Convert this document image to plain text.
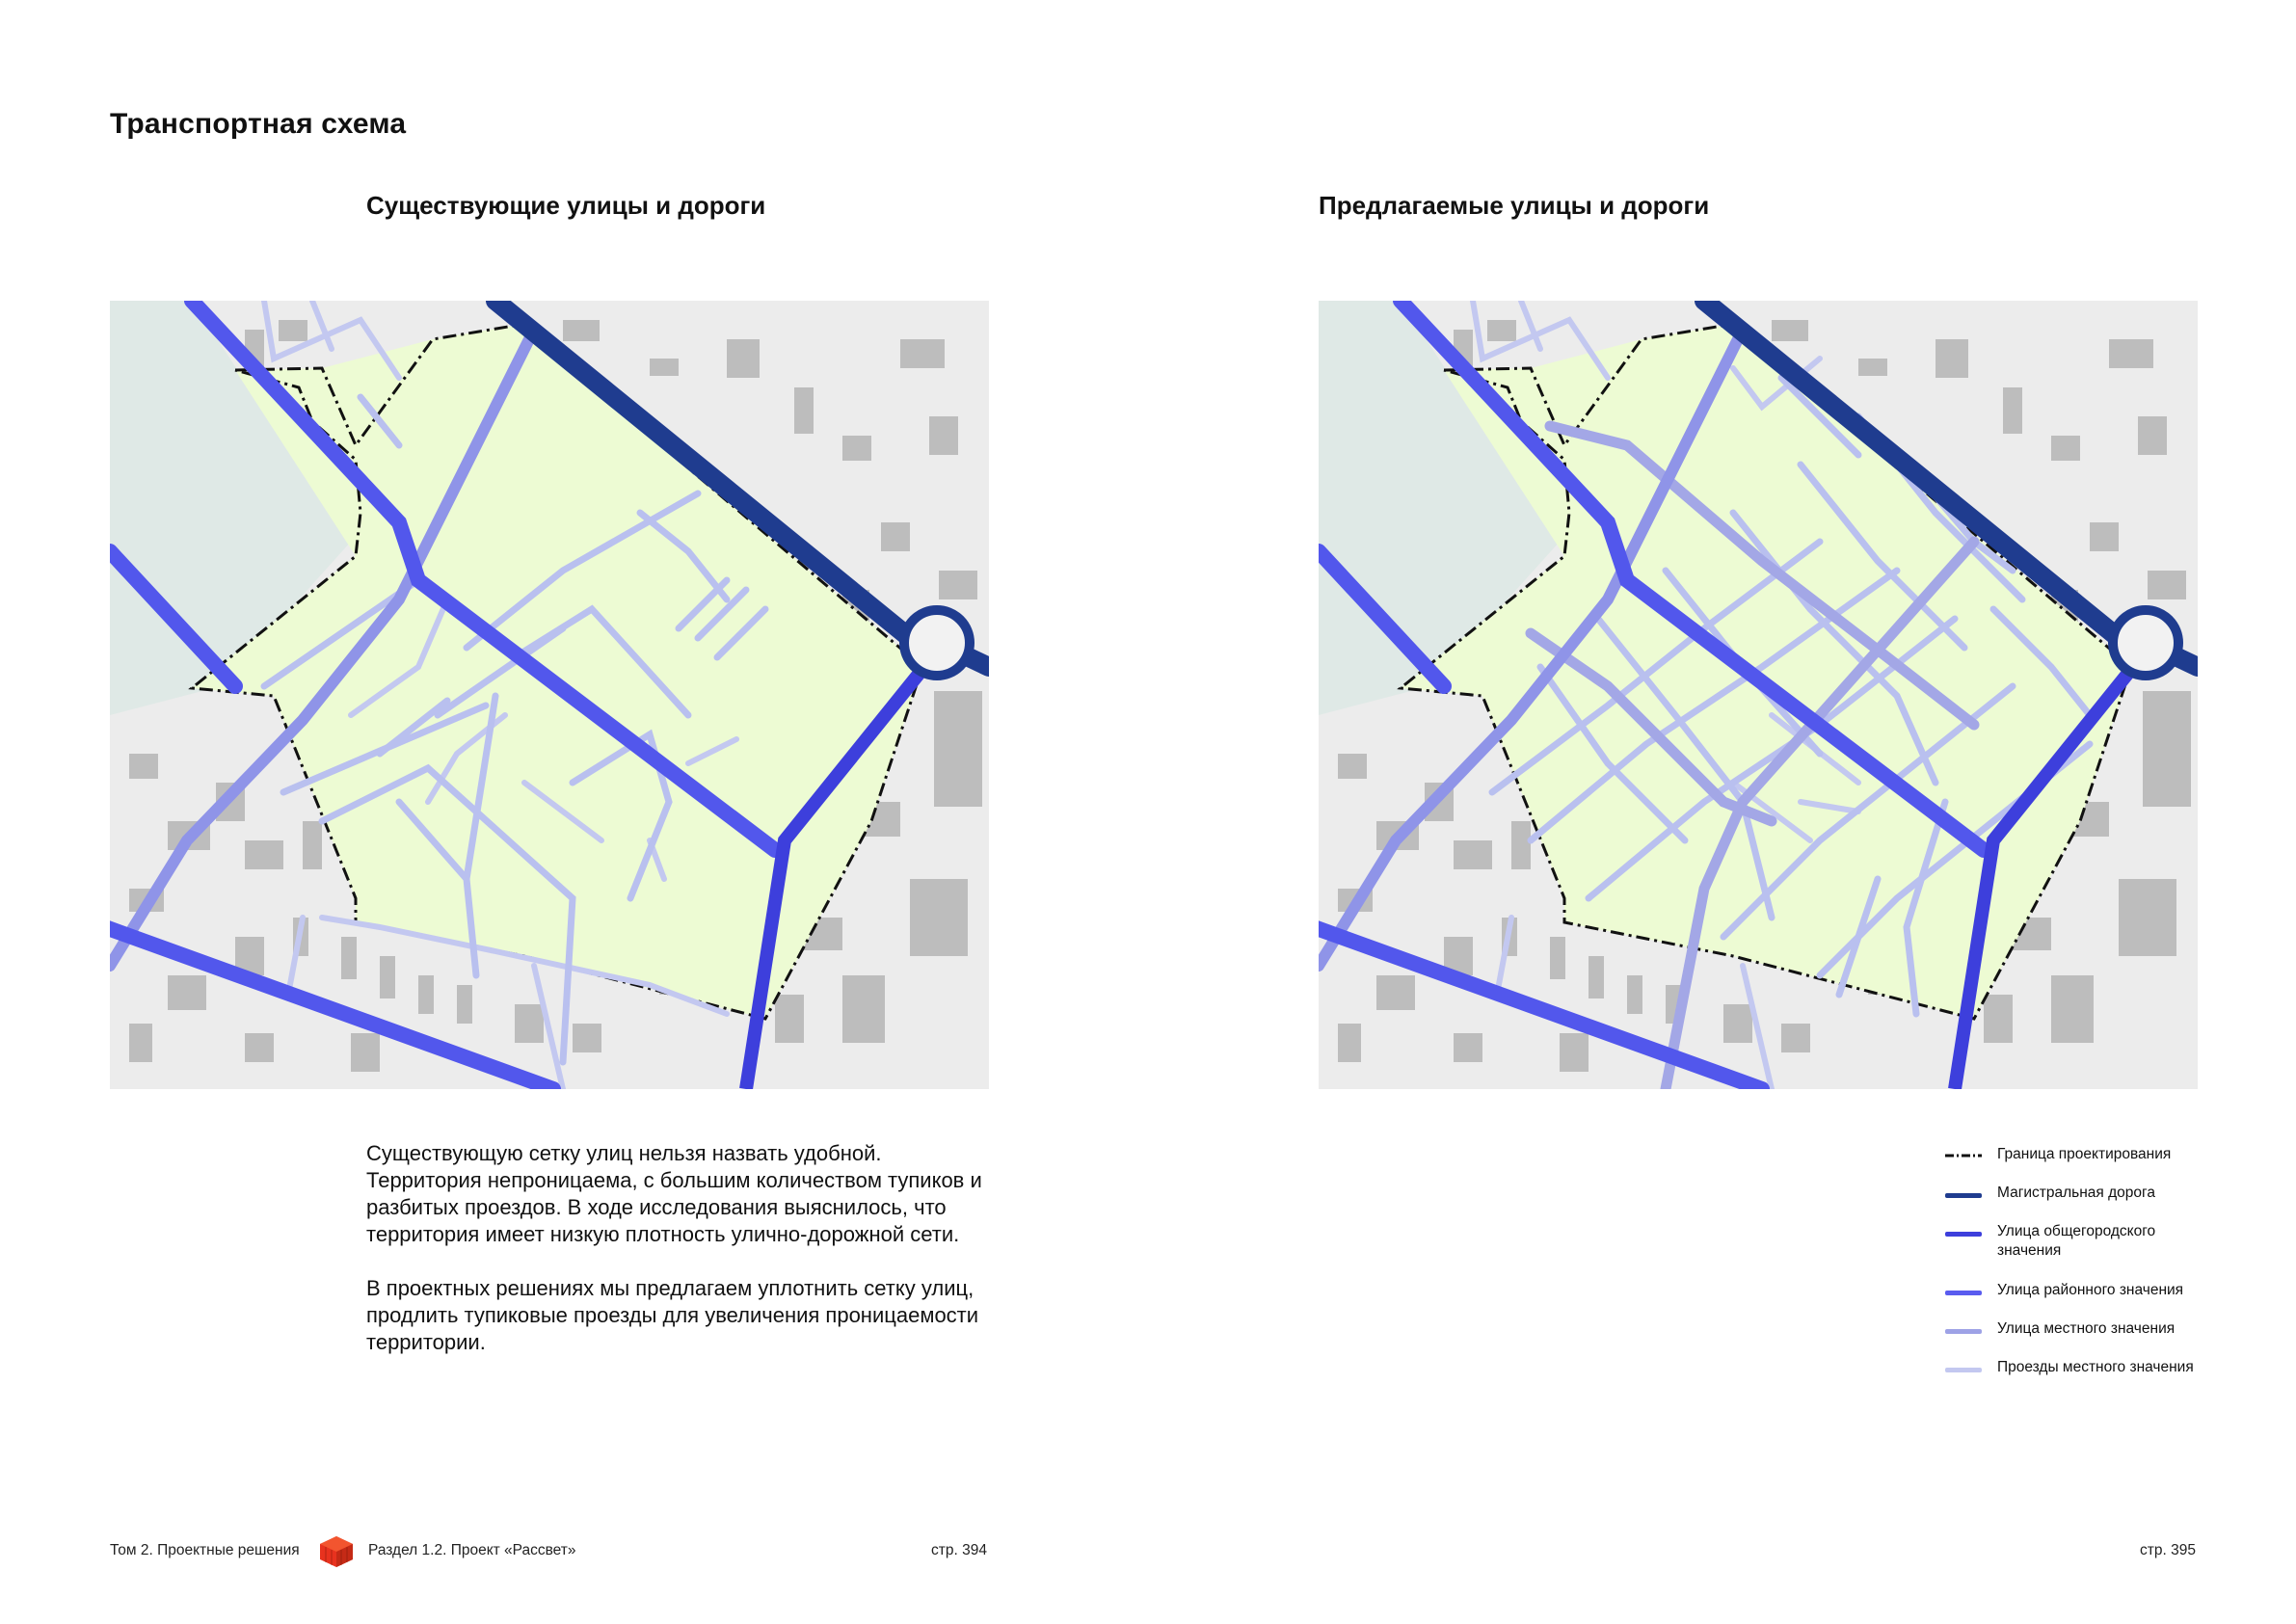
Транспортная схема
Существующие улицы и дороги	Предлагаемые улицы и дороги

Существующую сетку улиц нельзя назвать удобной. Территория непроницаема, с большим количеством тупиков и разбитых проездов. В ходе исследования выяснилось, что территория имеет низкую плотность улично-дорожной сети.

В проектных решениях мы предлагаем уплотнить сетку улиц, продлить тупиковые проезды для увеличения проницаемости территории.

Граница проектирования
Магистральная дорога
Улица общегородского значения
Улица районного значения
Улица местного значения
Проезды местного значения
Том 2. Проектные решения	Раздел 1.2. Проект «Рассвет»	стр. 394	стр. 395
